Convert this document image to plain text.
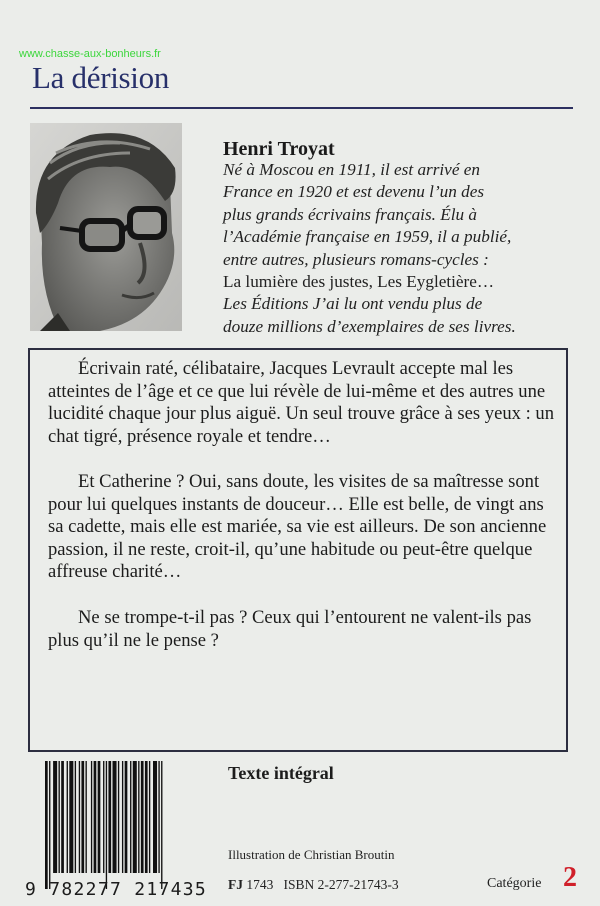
www.chasse-aux-bonheurs.fr
La dérision
Henri Troyat
Né à Moscou en 1911, il est arrivé en
France en 1920 et est devenu l’un des
plus grands écrivains français. Élu à
l’Académie française en 1959, il a publié,
entre autres, plusieurs romans-cycles :
La lumière des justes, Les Eygletière…
Les Éditions J’ai lu ont vendu plus de
douze millions d’exemplaires de ses livres.

Écrivain raté, célibataire, Jacques Levrault accepte mal les atteintes de l’âge et ce que lui révèle de lui-même et des autres une lucidité chaque jour plus aiguë. Un seul trouve grâce à ses yeux : un chat tigré, présence royale et tendre…

Et Catherine ? Oui, sans doute, les visites de sa maîtresse sont pour lui quelques instants de douceur… Elle est belle, de vingt ans sa cadette, mais elle est mariée, sa vie est ailleurs. De son ancienne passion, il ne reste, croit-il, qu’une habitude ou peut-être quelque affreuse charité…

Ne se trompe-t-il pas ? Ceux qui l’entourent ne valent-ils pas plus qu’il ne le pense ?

9 782277 217435
Texte intégral
Illustration de Christian Broutin
FJ 1743 ISBN 2-277-21743-3	Catégorie 2
